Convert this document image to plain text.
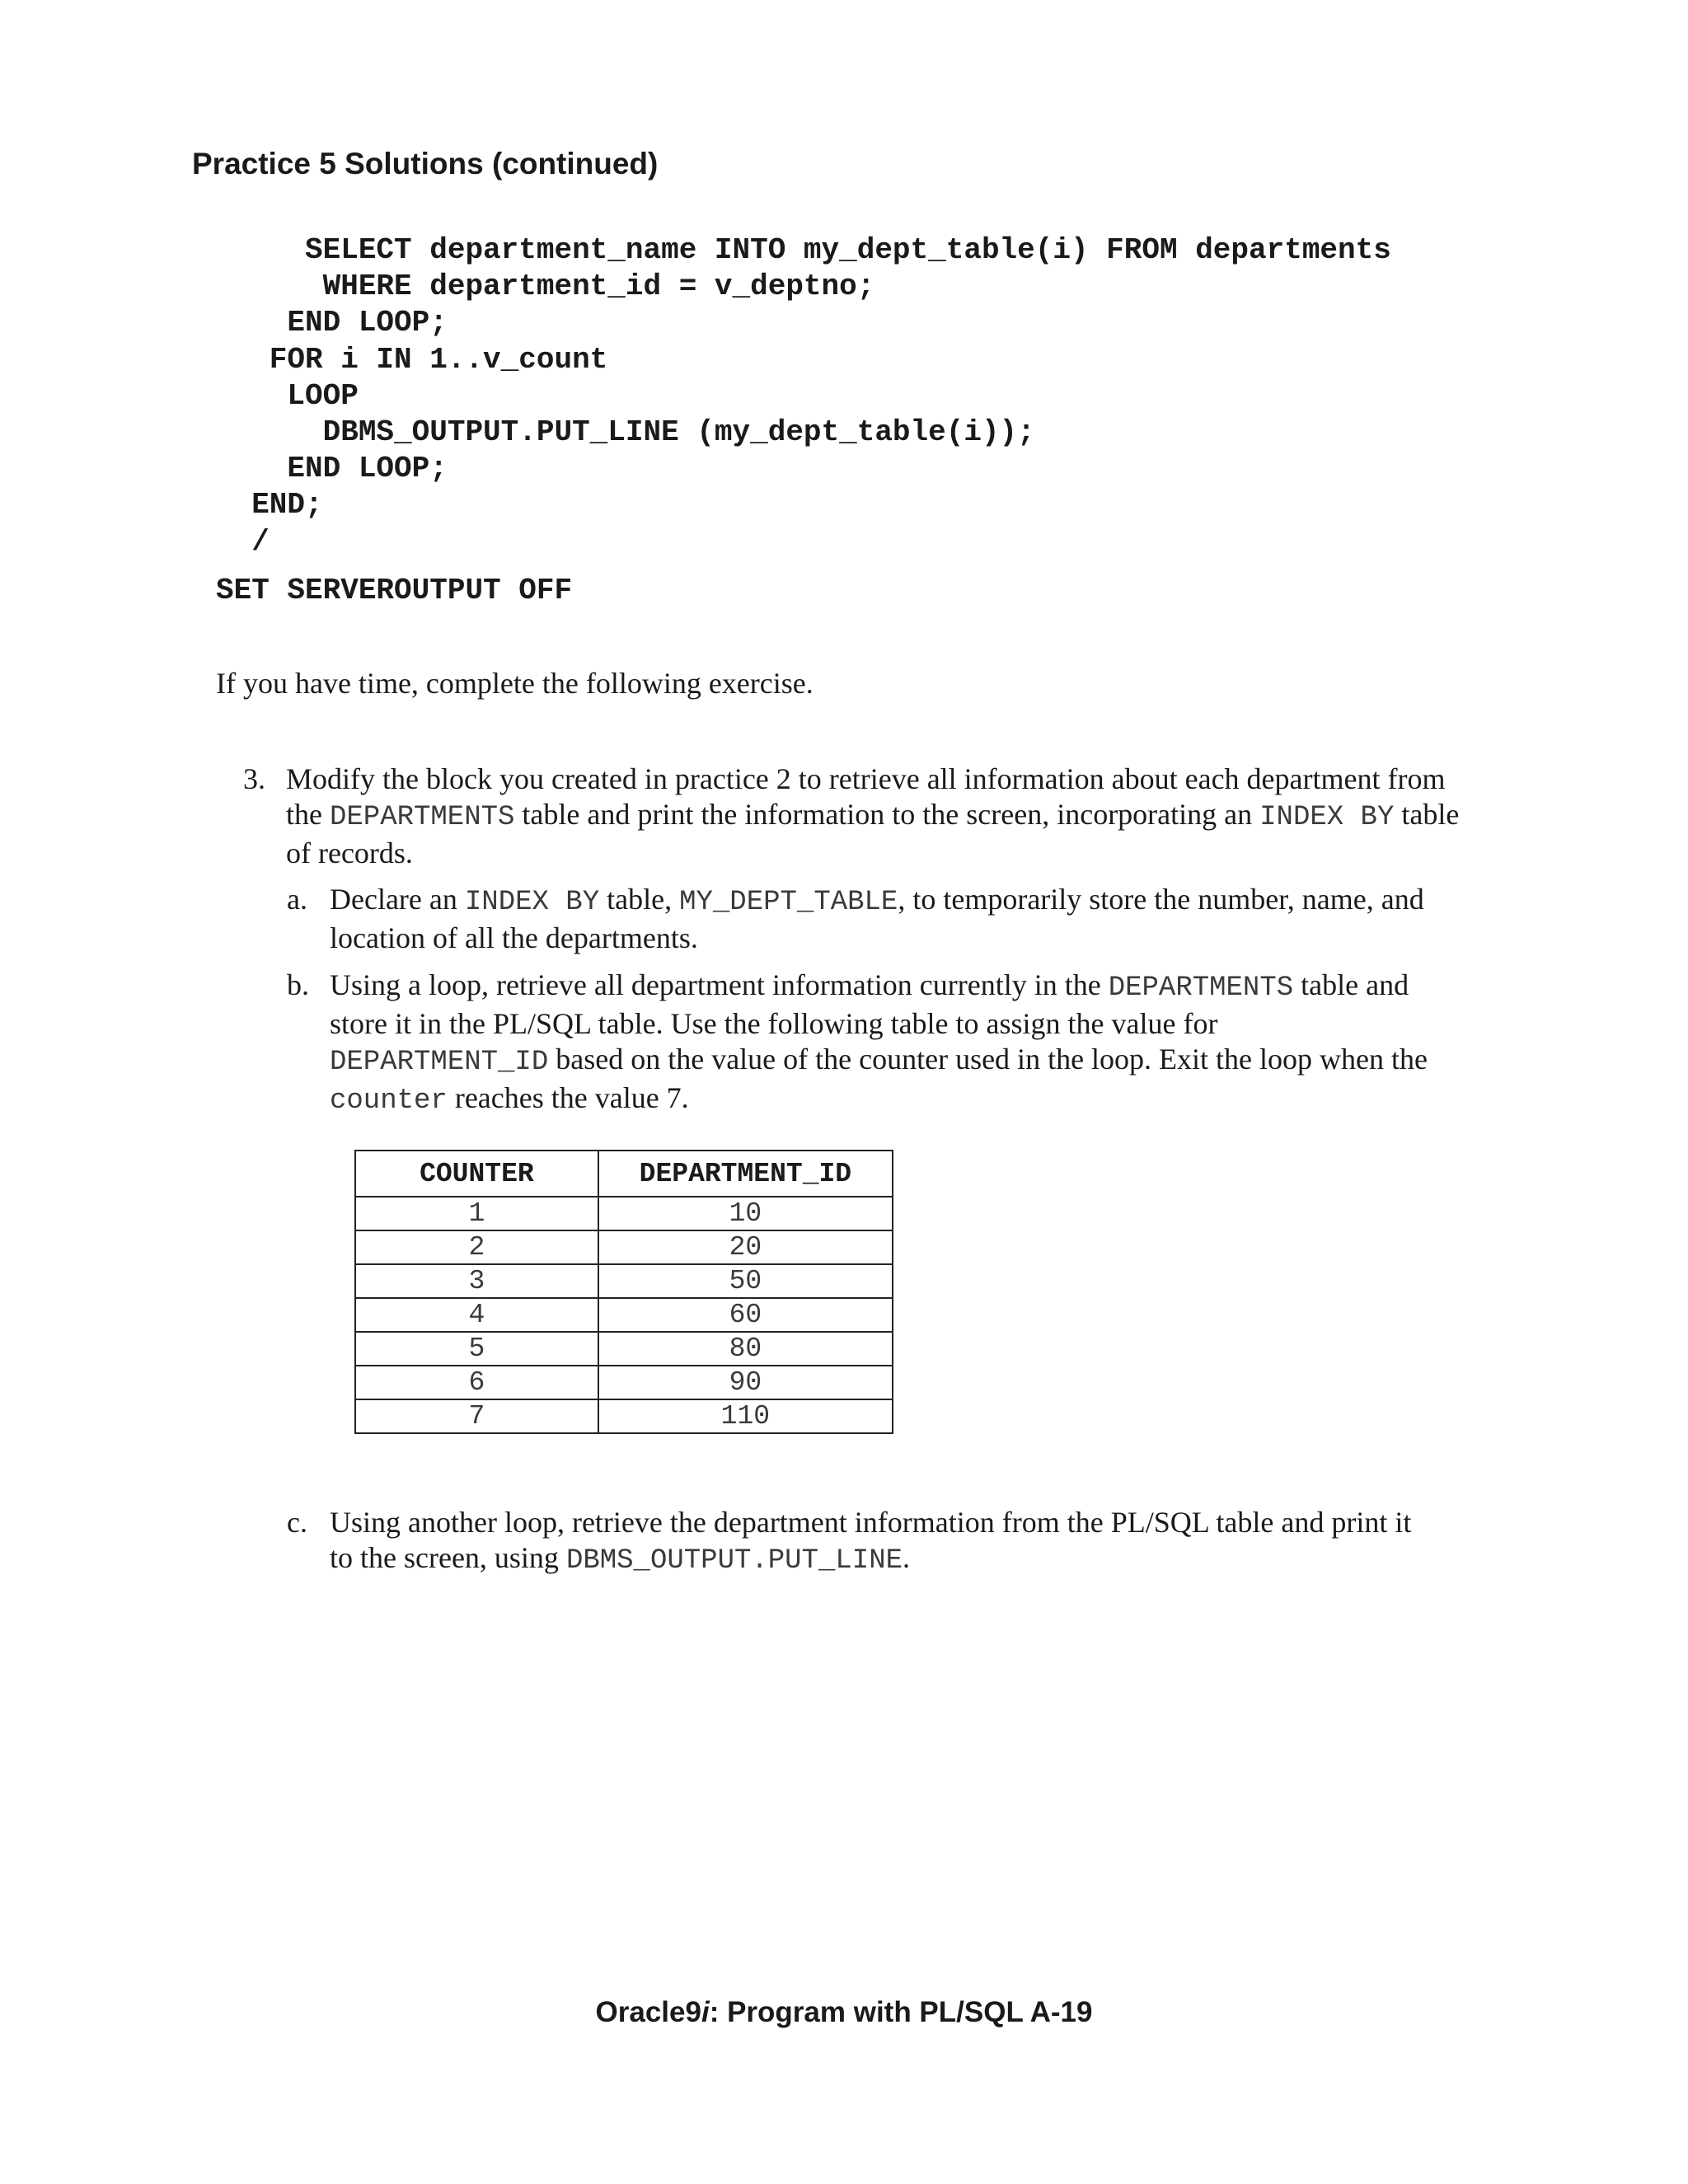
Practice 5 Solutions (continued)
SELECT department_name INTO my_dept_table(i) FROM departments
WHERE department_id = v_deptno;
END LOOP;
FOR i IN 1..v_count
LOOP
DBMS_OUTPUT.PUT_LINE (my_dept_table(i));
END LOOP;
END;
/
SET SERVEROUTPUT OFF

If you have time, complete the following exercise.

3. Modify the block you created in practice 2 to retrieve all information about each department from the DEPARTMENTS table and print the information to the screen, incorporating an INDEX BY table of records.
a. Declare an INDEX BY table, MY_DEPT_TABLE, to temporarily store the number, name, and location of all the departments.
b. Using a loop, retrieve all department information currently in the DEPARTMENTS table and store it in the PL/SQL table. Use the following table to assign the value for DEPARTMENT_ID based on the value of the counter used in the loop. Exit the loop when the counter reaches the value 7.
COUNTER	DEPARTMENT_ID
1	10
2	20
3	50
4	60
5	80
6	90
7	110
c. Using another loop, retrieve the department information from the PL/SQL table and print it to the screen, using DBMS_OUTPUT.PUT_LINE.

Oracle9i: Program with PL/SQL A-19
